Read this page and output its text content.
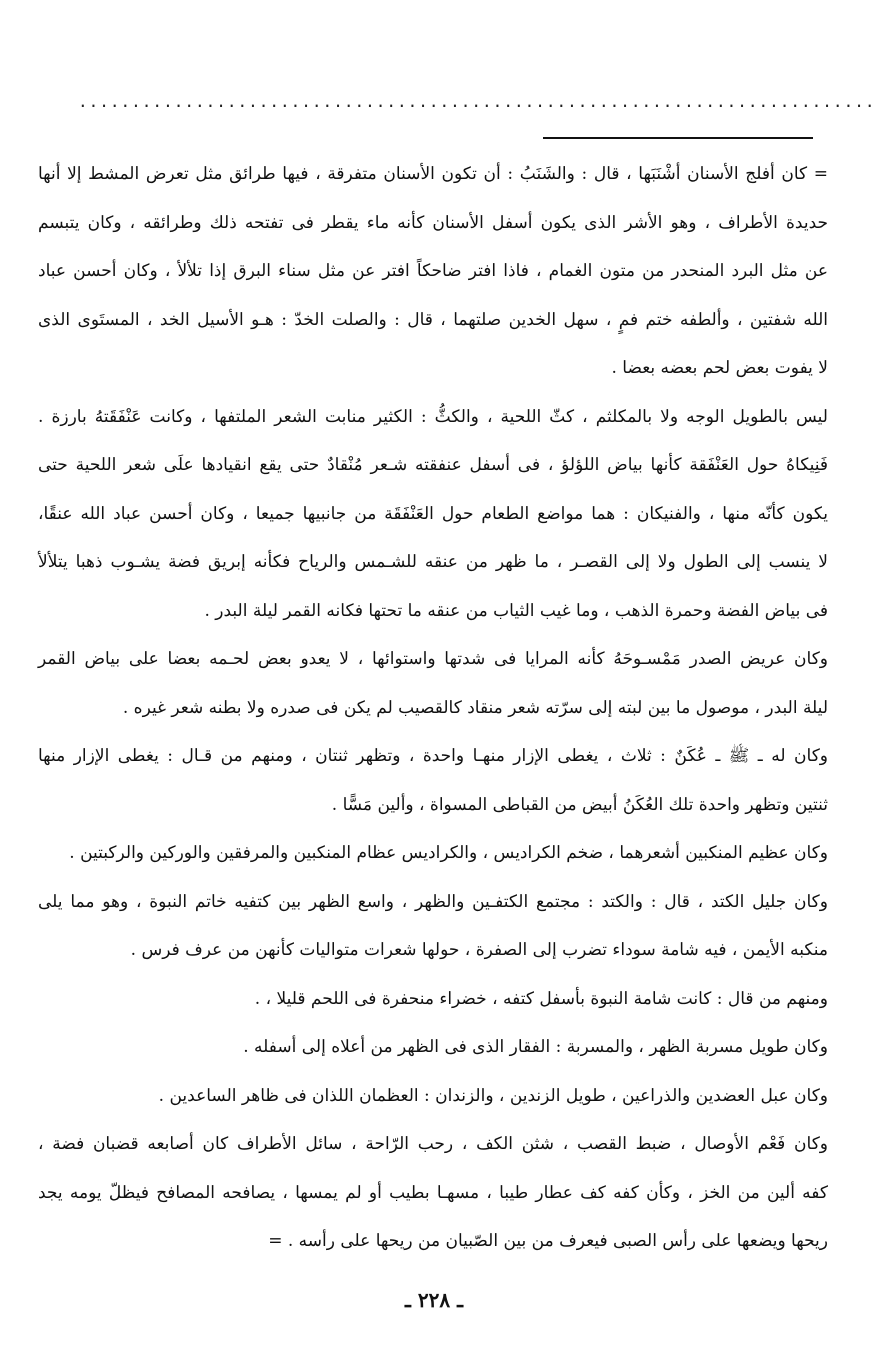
...........................................................................
= كان أفلج الأسنان أشْنَبَها ، قال : والشَنَبُ : أن تكون الأسنان متفرقة ، فيها طرائق مثل تعرض المشط إلا أنها
حديدة الأطراف ، وهو الأشر الذى يكون أسفل الأسنان كأنه ماء يقطر فى تفتحه ذلك وطرائقه ، وكان يتبسم
عن مثل البرد المنحدر من متون الغمام ، فاذا افتر ضاحكاً افتر عن مثل سناء البرق إذا تلألأ ، وكان أحسن عباد
الله شفتين ، وألطفه ختم فمٍ ، سهل الخدين صلتهما ، قال : والصلت الخدّ : هـو الأسيل الخد ، المستَوى الذى
لا يفوت بعض لحم بعضه بعضا .
ليس بالطويل الوجه ولا بالمكلثم ، كثّ اللحية ، والكثُّ : الكثير منابت الشعر الملتفها ، وكانت عَنْفَقَتهُ بارزة .
فَنِيكاهُ حول العَنْفَقة كأنها بياض اللؤلؤ ، فى أسفل عنفقته شـعر مُنْقادٌ حتى يقع انقيادها علَى شعر اللحية حتى
يكون كأنّه منها ، والفنيكان : هما مواضع الطعام حول العَنْفَقَة من جانبيها جميعا ، وكان أحسن عباد الله عنقًا،
لا ينسب إلى الطول ولا إلى القصـر ، ما ظهر من عنقه للشـمس والرياح فكأنه إبريق فضة يشـوب ذهبا يتلألأ
فى بياض الفضة وحمرة الذهب ، وما غيب الثياب من عنقه ما تحتها فكانه القمر ليلة البدر .
وكان عريض الصدر مَمْسـوحَهُ كأنه المرايا فى شدتها واستوائها ، لا يعدو بعض لحـمه بعضا على بياض القمر
ليلة البدر ، موصول ما بين لبته إلى سرّته شعر منقاد كالقصيب لم يكن فى صدره ولا بطنه شعر غيره .
وكان له ـ ﷺ ـ عُكَنٌ : ثلاث ، يغطى الإزار منهـا واحدة ، وتظهر ثنتان ، ومنهم من قـال : يغطى الإزار منها
ثنتين وتظهر واحدة تلك العُكَنُ أبيض من القباطى المسواة ، وألين مَسًّا .
وكان عظيم المنكبين أشعرهما ، ضخم الكراديس ، والكراديس عظام المنكبين والمرفقين والوركين والركبتين .
وكان جليل الكتد ، قال : والكتد : مجتمع الكتفـين والظهر ، واسع الظهر بين كتفيه خاتم النبوة ، وهو مما يلى
منكبه الأيمن ، فيه شامة سوداء تضرب إلى الصفرة ، حولها شعرات متواليات كأنهن من عرف فرس .
ومنهم من قال : كانت شامة النبوة بأسفل كتفه ، خضراء منحفرة فى اللحم قليلا ، .
وكان طويل مسربة الظهر ، والمسربة : الفقار الذى فى الظهر من أعلاه إلى أسفله .
وكان عبل العضدين والذراعين ، طويل الزندين ، والزندان : العظمان اللذان فى ظاهر الساعدين .
وكان فَعْم الأوصال ، ضبط القصب ، شثن الكف ، رحب الرّاحة ، سائل الأطراف كان أصابعه قضبان فضة ،
كفه ألين من الخز ، وكأن كفه كف عطار طيبا ، مسهـا بطيب أو لم يمسها ، يصافحه المصافح فيظلّ يومه يجد
ريحها ويضعها على رأس الصبى فيعرف من بين الصّبيان من ريحها على رأسه . =
ـ ٢٢٨ ـ
